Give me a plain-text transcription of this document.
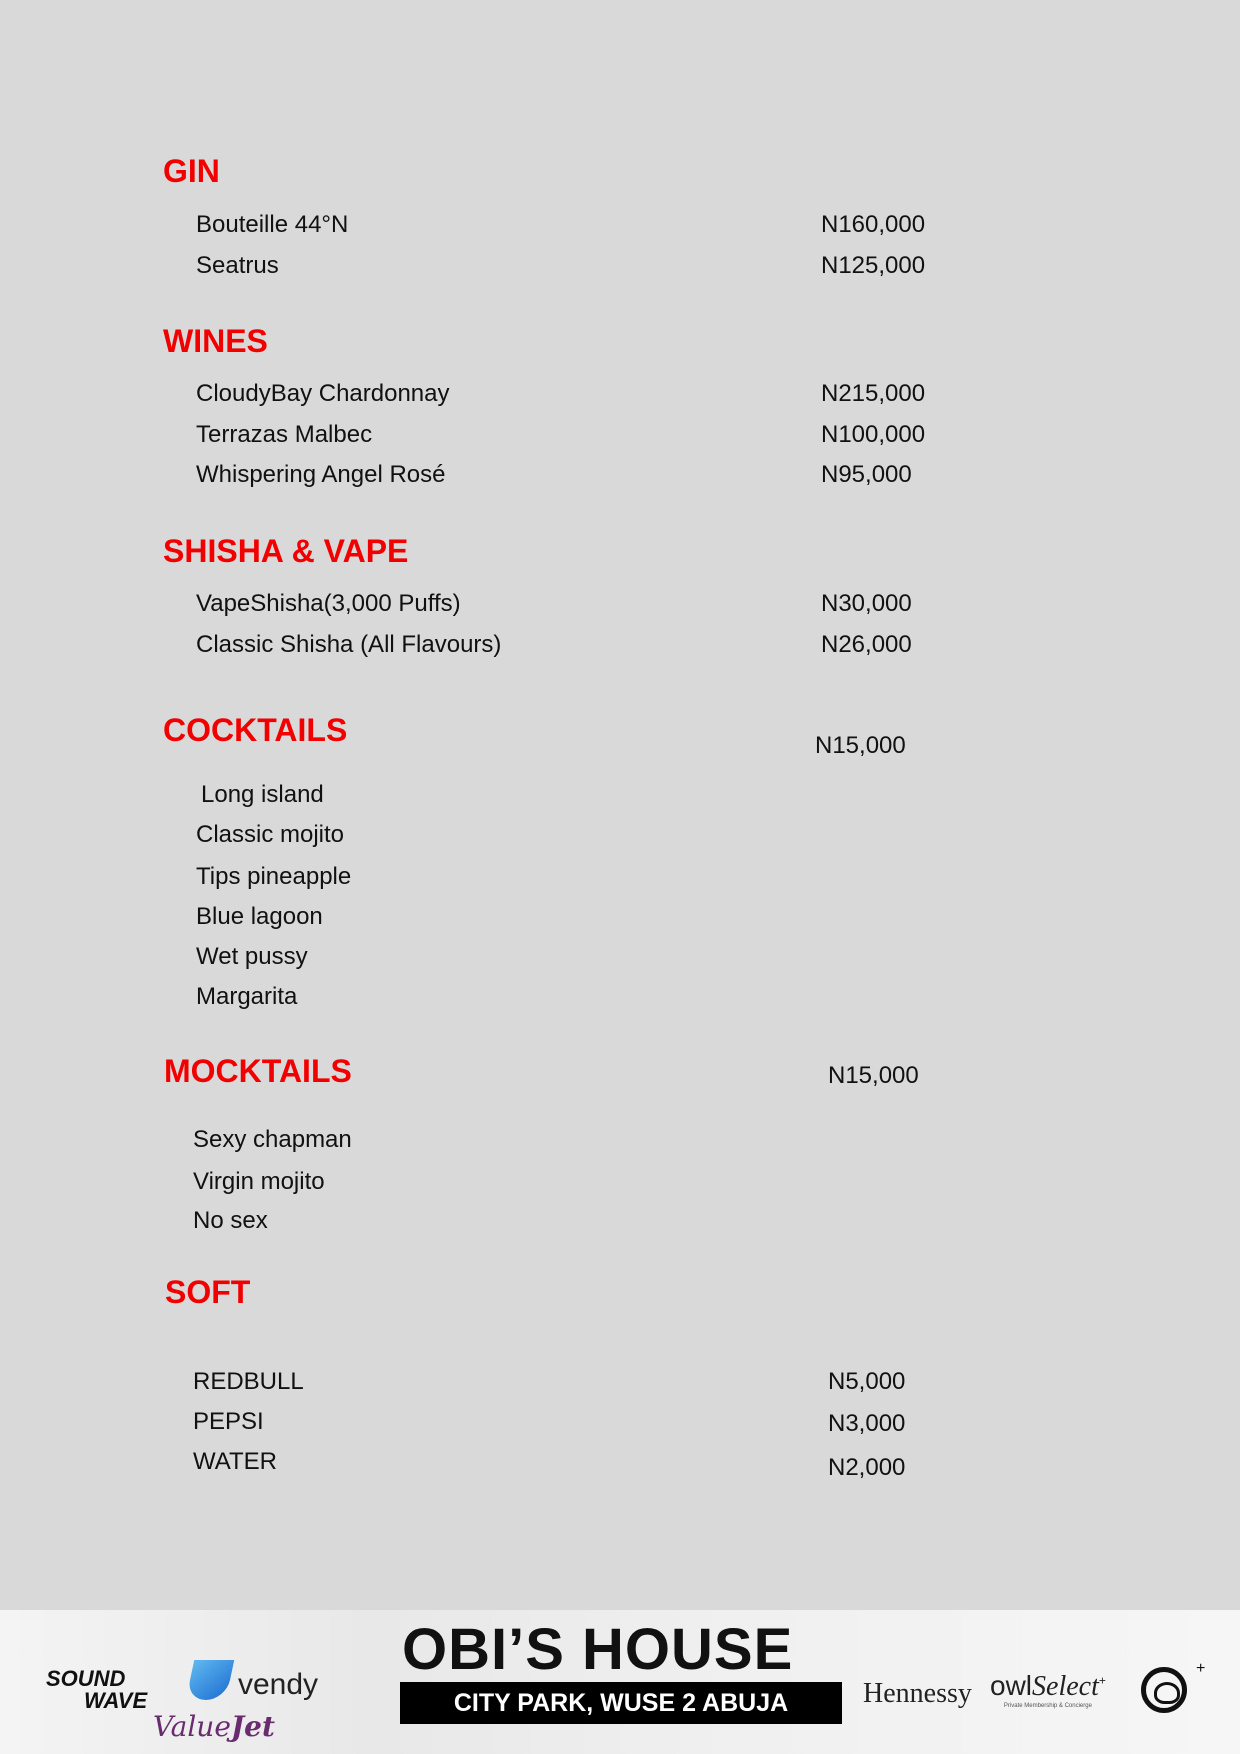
GIN
Bouteille 44°N	N160,000
Seatrus	N125,000
WINES
CloudyBay Chardonnay	N215,000
Terrazas Malbec	N100,000
Whispering Angel Rosé	N95,000
SHISHA & VAPE
VapeShisha(3,000 Puffs)	N30,000
Classic Shisha (All Flavours)	N26,000
COCKTAILS	N15,000
Long island
Classic mojito
Tips pineapple
Blue lagoon
Wet pussy
Margarita
MOCKTAILS	N15,000
Sexy chapman
Virgin mojito
No sex
SOFT
REDBULL	N5,000
PEPSI	N3,000
WATER	N2,000
SOUND
WAVE	vendy
ValueJet
OBI’S HOUSE
CITY PARK, WUSE 2 ABUJA	Hennessy owlSelect+
Private Membership & Concierge
+
